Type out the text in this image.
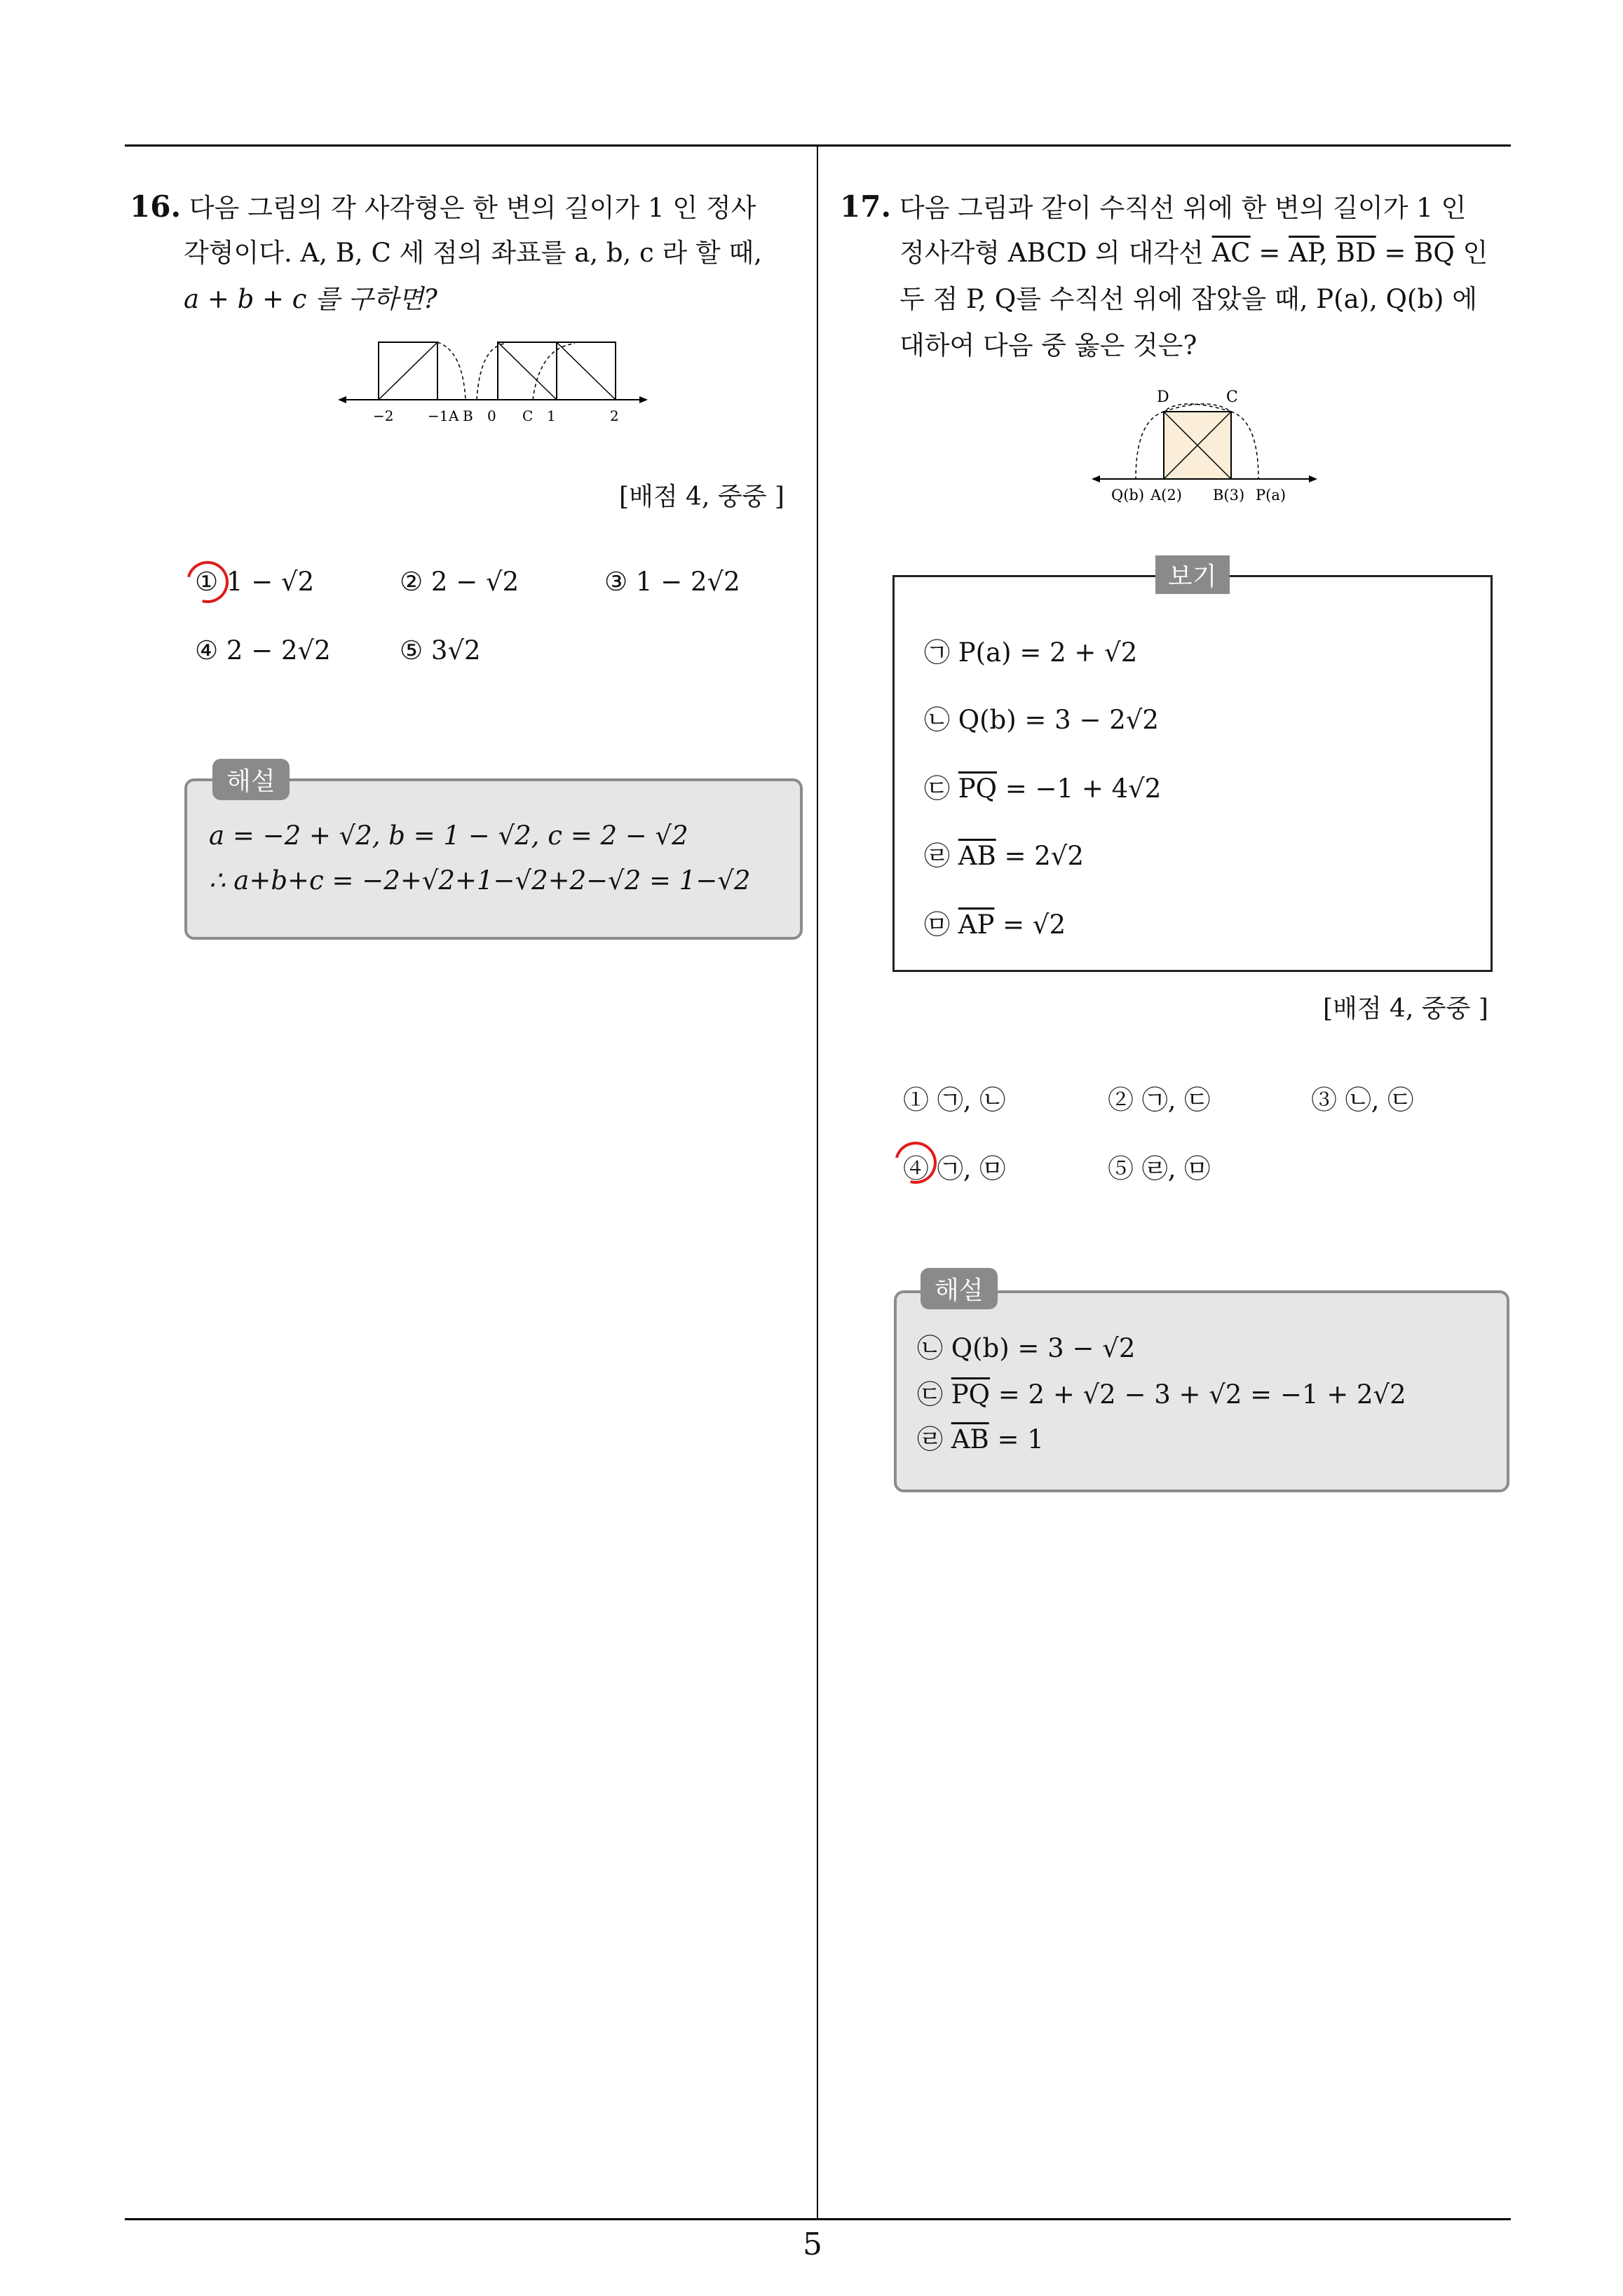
16. 다음 그림의 각 사각형은 한 변의 길이가 1 인 정사
각형이다. A, B, C 세 점의 좌표를 a, b, c 라 할 때,
a + b + c 를 구하면?
−2 −1 A B 0 C 1	2
[배점 4, 중중 ]
① 1 − √2	② 2 − √2	③ 1 − 2√2
④ 2 − 2√2	⑤ 3√2
해설
a = −2 + √2, b = 1 − √2, c = 2 − √2
∴ a+b+c = −2+√2+1−√2+2−√2 = 1−√2
17. 다음 그림과 같이 수직선 위에 한 변의 길이가 1 인
정사각형 ABCD 의 대각선 $\overline{AC} = \overline{AP}$, $\overline{BD} = \overline{BQ}$ 인
두 점 P, Q를 수직선 위에 잡았을 때, P(a), Q(b) 에
대하여 다음 중 옳은 것은?
D	C
Q(b) A(2) B(3) P(a)
보기
㉠ P(a) = 2 + √2
㉡ Q(b) = 3 − 2√2
㉢ $\overline{PQ} = -1 + 4√2$
㉣ $\overline{AB} = 2√2$
㉤ $\overline{AP} = √2$
[배점 4, 중중 ]
① ㉠, ㉡	② ㉠, ㉢	③ ㉡, ㉢
④ ㉠, ㉤	⑤ ㉣, ㉤
해설
㉡ Q(b) = 3 − √2
㉢ $\overline{PQ} = 2 + √2 - 3 + √2 = -1 + 2√2$
㉣ $\overline{AB} = 1$
5
